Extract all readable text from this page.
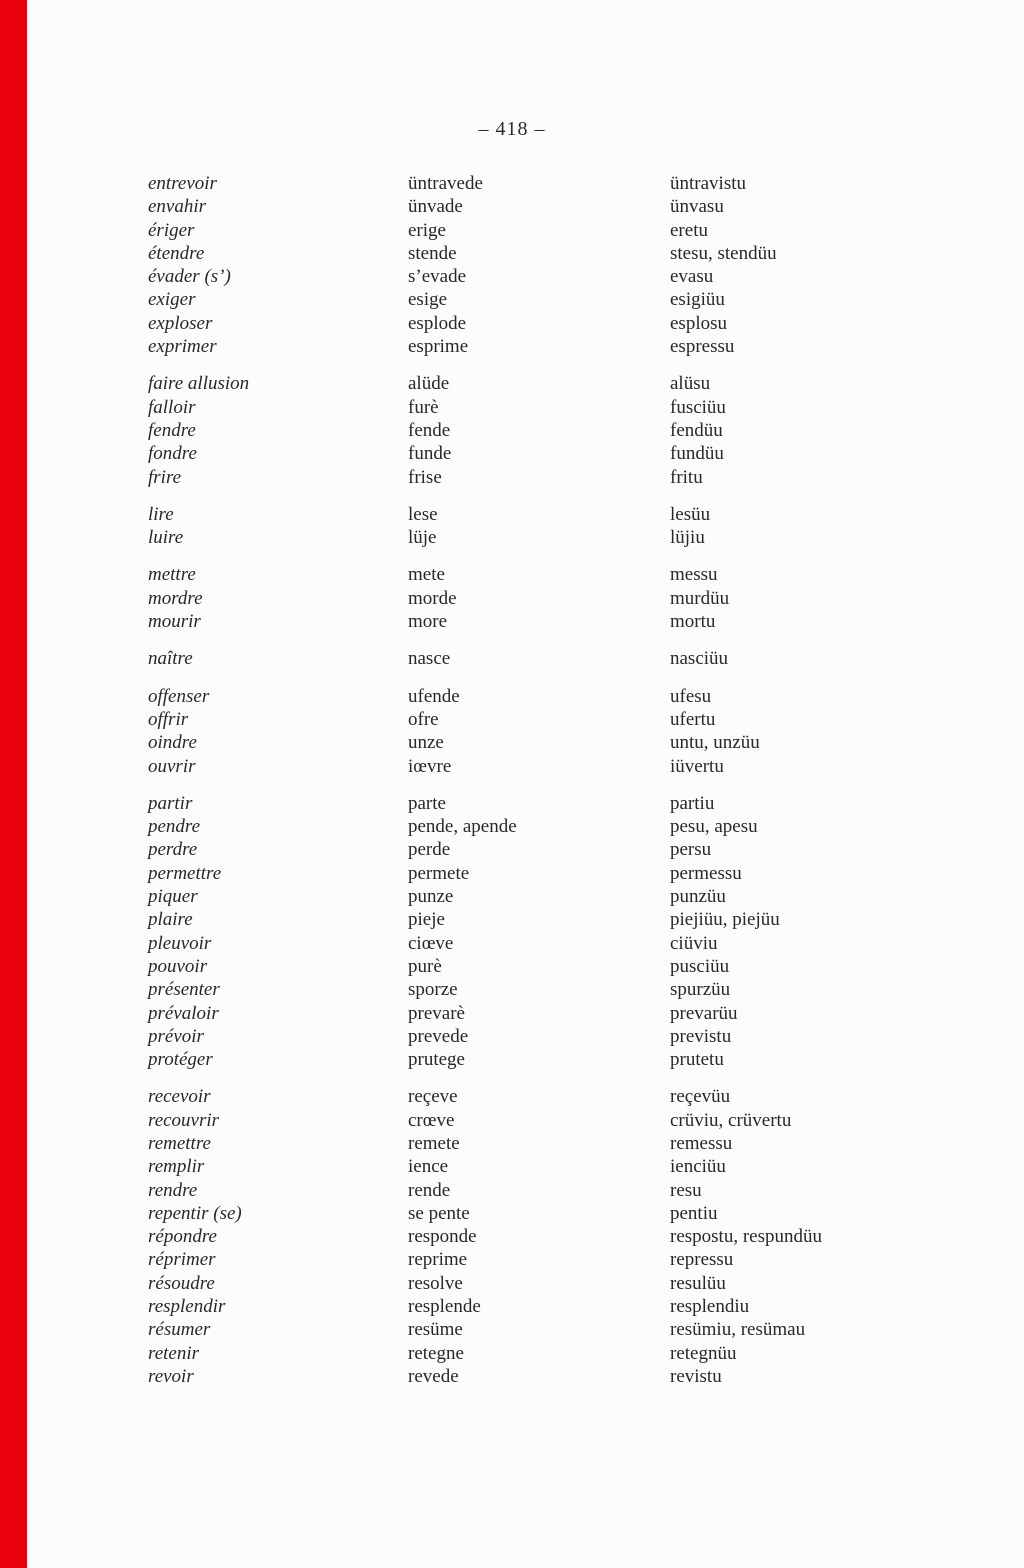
– 418 –
entrevoir	üntravede	üntravistu
envahir	ünvade	ünvasu
ériger	erige	eretu
étendre	stende	stesu, stendüu
évader (s’)	s’evade	evasu
exiger	esige	esigiüu
exploser	esplode	esplosu
exprimer	esprime	espressu
faire allusion	alüde	alüsu
falloir	furè	fusciüu
fendre	fende	fendüu
fondre	funde	fundüu
frire	frise	fritu
lire	lese	lesüu
luire	lüje	lüjiu
mettre	mete	messu
mordre	morde	murdüu
mourir	more	mortu
naître	nasce	nasciüu
offenser	ufende	ufesu
offrir	ofre	ufertu
oindre	unze	untu, unzüu
ouvrir	iœvre	iüvertu
partir	parte	partiu
pendre	pende, apende	pesu, apesu
perdre	perde	persu
permettre	permete	permessu
piquer	punze	punzüu
plaire	pieje	piejiüu, piejüu
pleuvoir	ciœve	ciüviu
pouvoir	purè	pusciüu
présenter	sporze	spurzüu
prévaloir	prevarè	prevarüu
prévoir	prevede	previstu
protéger	prutege	prutetu
recevoir	reçeve	reçevüu
recouvrir	crœve	crüviu, crüvertu
remettre	remete	remessu
remplir	ience	ienciüu
rendre	rende	resu
repentir (se)	se pente	pentiu
répondre	responde	respostu, respundüu
réprimer	reprime	repressu
résoudre	resolve	resulüu
resplendir	resplende	resplendiu
résumer	resüme	resümiu, resümau
retenir	retegne	retegnüu
revoir	revede	revistu
